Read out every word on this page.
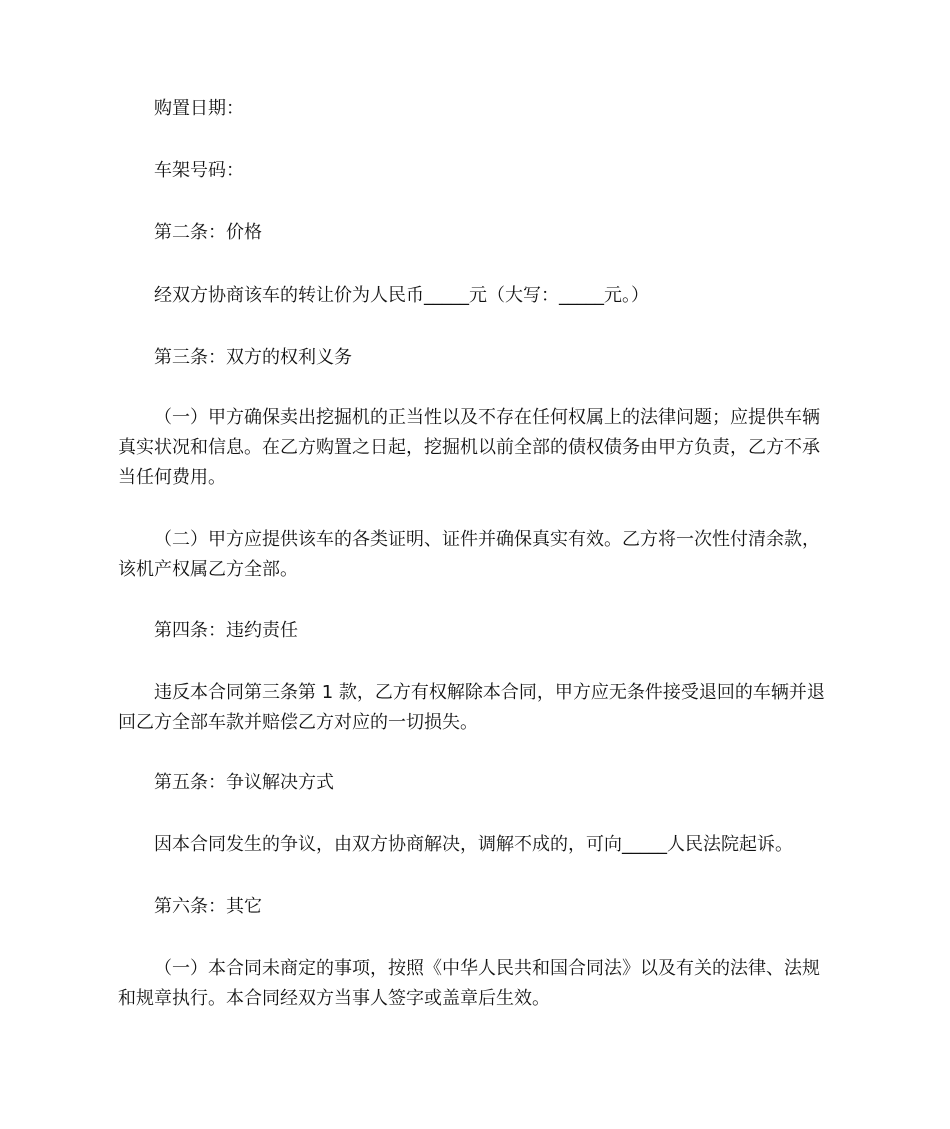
购置日期：

车架号码：

第二条：价格

经双方协商该车的转让价为人民币_____元（大写：_____元。）

第三条：双方的权利义务

（一）甲方确保卖出挖掘机的正当性以及不存在任何权属上的法律问题；应提供车辆真实状况和信息。在乙方购置之日起，挖掘机以前全部的债权债务由甲方负责，乙方不承当任何费用。

（二）甲方应提供该车的各类证明、证件并确保真实有效。乙方将一次性付清余款，该机产权属乙方全部。

第四条：违约责任

违反本合同第三条第 1 款，乙方有权解除本合同，甲方应无条件接受退回的车辆并退回乙方全部车款并赔偿乙方对应的一切损失。

第五条：争议解决方式

因本合同发生的争议，由双方协商解决，调解不成的，可向_____人民法院起诉。

第六条：其它

（一）本合同未商定的事项，按照《中华人民共和国合同法》以及有关的法律、法规和规章执行。本合同经双方当事人签字或盖章后生效。
